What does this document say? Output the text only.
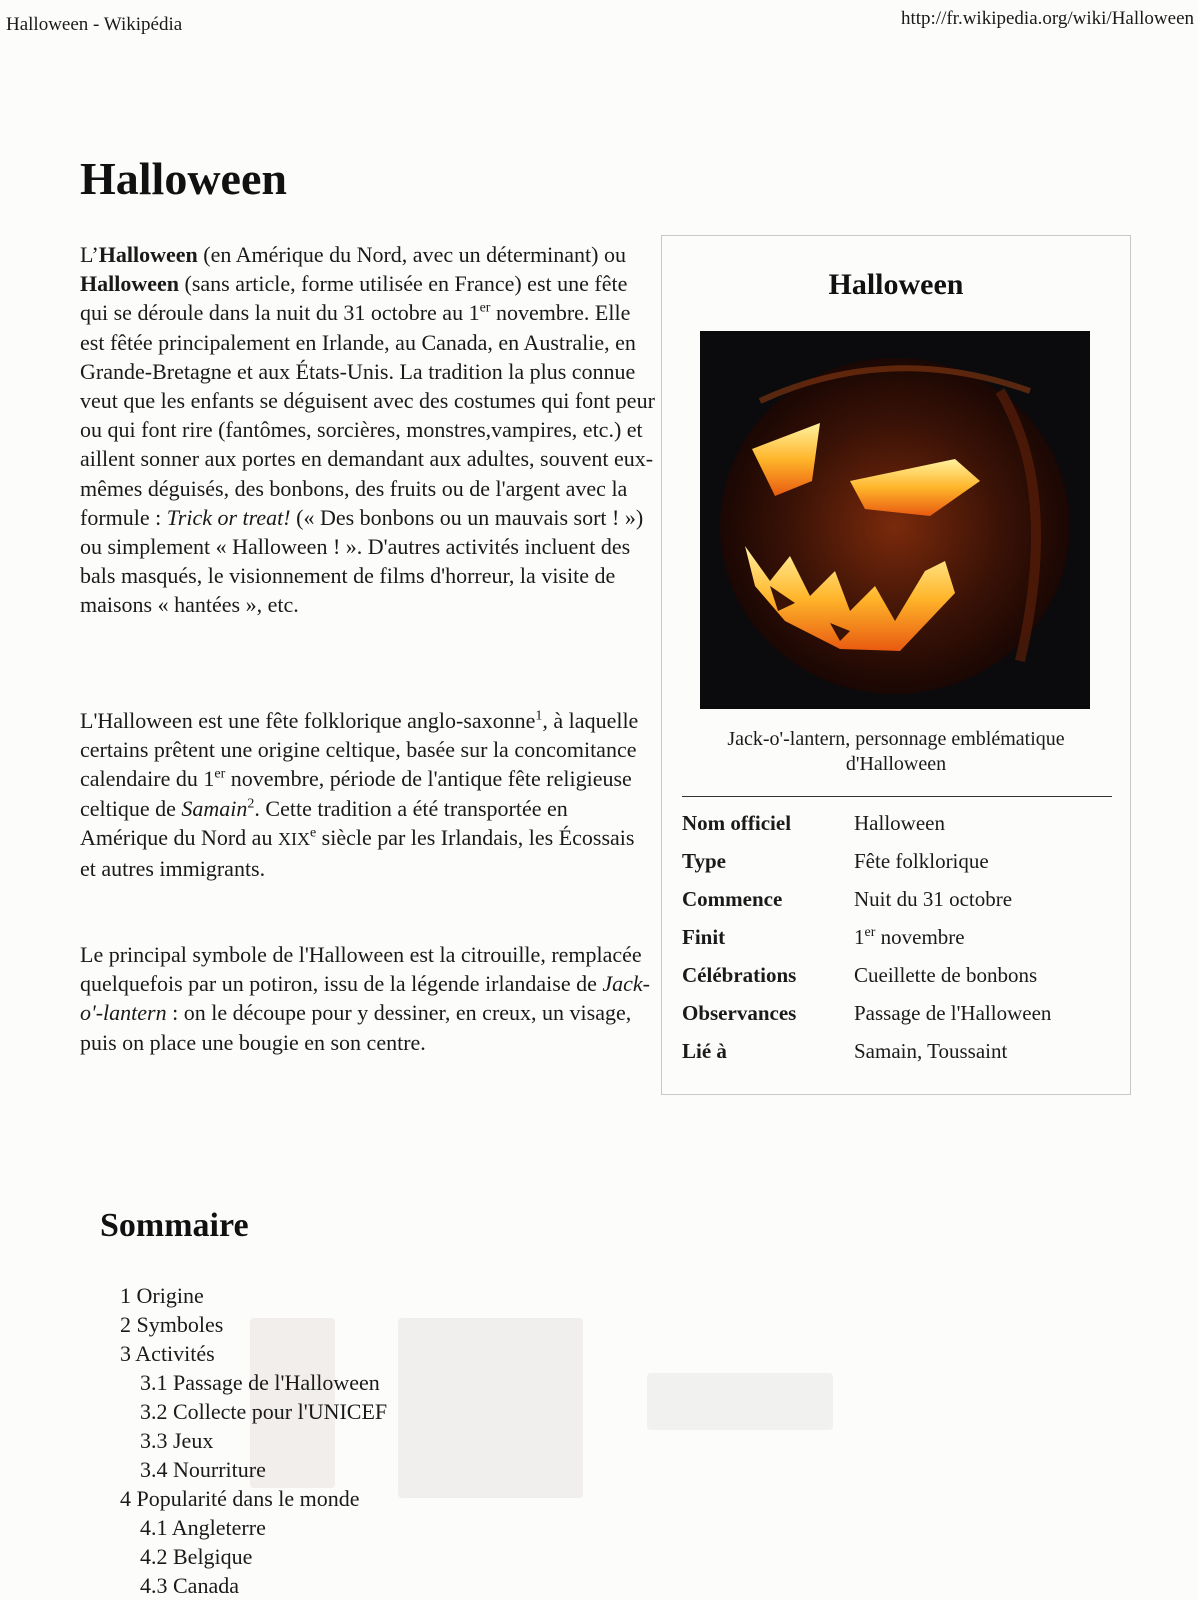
Halloween - Wikipédia	http://fr.wikipedia.org/wiki/Halloween
Halloween

L’Halloween (en Amérique du Nord, avec un déterminant) ou Halloween (sans article, forme utilisée en France) est une fête qui se déroule dans la nuit du 31 octobre au 1er novembre. Elle est fêtée principalement en Irlande, au Canada, en Australie, en Grande-Bretagne et aux États-Unis. La tradition la plus connue veut que les enfants se déguisent avec des costumes qui font peur ou qui font rire (fantômes, sorcières, monstres,vampires, etc.) et aillent sonner aux portes en demandant aux adultes, souvent eux-mêmes déguisés, des bonbons, des fruits ou de l'argent avec la formule : Trick or treat! (« Des bonbons ou un mauvais sort ! ») ou simplement « Halloween ! ». D'autres activités incluent des bals masqués, le visionnement de films d'horreur, la visite de maisons « hantées », etc.

L'Halloween est une fête folklorique anglo-saxonne$^1$, à laquelle certains prêtent une origine celtique, basée sur la concomitance calendaire du 1er novembre, période de l'antique fête religieuse celtique de Samain$^2$. Cette tradition a été transportée en Amérique du Nord au XIXe siècle par les Irlandais, les Écossais et autres immigrants.

Le principal symbole de l'Halloween est la citrouille, remplacée quelquefois par un potiron, issu de la légende irlandaise de Jack-o'-lantern : on le découpe pour y dessiner, en creux, un visage, puis on place une bougie en son centre.

Halloween
Jack-o'-lantern, personnage emblématique d'Halloween
Nom officiel	Halloween
Type	Fête folklorique
Commence	Nuit du 31 octobre
Finit	1er novembre
Célébrations	Cueillette de bonbons
Observances	Passage de l'Halloween
Lié à	Samain, Toussaint
Sommaire
1 Origine
2 Symboles
3 Activités
3.1 Passage de l'Halloween
3.2 Collecte pour l'UNICEF
3.3 Jeux
3.4 Nourriture
4 Popularité dans le monde
4.1 Angleterre
4.2 Belgique
4.3 Canada
